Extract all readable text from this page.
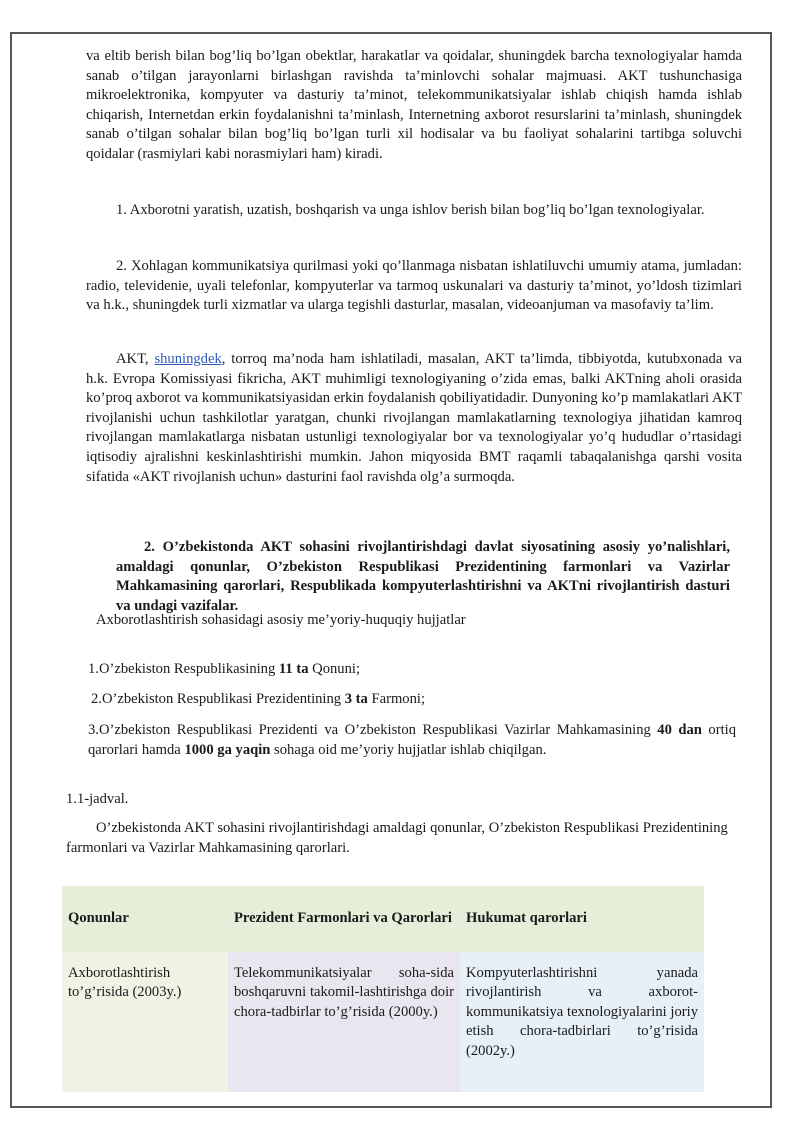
va eltib berish bilan bog’liq bo’lgan obektlar, harakatlar va qoidalar, shuningdek barcha texnologiyalar hamda sanab o’tilgan jarayonlarni birlashgan ravishda ta’minlovchi sohalar majmuasi. AKT tushunchasiga mikroelektronika, kompyuter va dasturiy ta’minot, telekommunikatsiyalar ishlab chiqish hamda ishlab chiqarish, Internetdan erkin foydalanishni ta’minlash, Internetning axborot resurslarini ta’minlash, shuningdek sanab o’tilgan sohalar bilan bog’liq bo’lgan turli xil hodisalar va bu faoliyat sohalarini tartibga soluvchi qoidalar (rasmiylari kabi norasmiylari ham) kiradi.

1. Axborotni yaratish, uzatish, boshqarish va unga ishlov berish bilan bog’liq bo’lgan texnologiyalar.

2. Xohlagan kommunikatsiya qurilmasi yoki qo’llanmaga nisbatan ishlatiluvchi umumiy atama, jumladan: radio, televidenie, uyali telefonlar, kompyuterlar va tarmoq uskunalari va dasturiy ta’minot, yo’ldosh tizimlari va h.k., shuningdek turli xizmatlar va ularga tegishli dasturlar, masalan, videoanjuman va masofaviy ta’lim.

AKT, shuningdek, torroq ma’noda ham ishlatiladi, masalan, AKT ta’limda, tibbiyotda, kutubxonada va h.k. Evropa Komissiyasi fikricha, AKT muhimligi texnologiyaning o’zida emas, balki AKTning aholi orasida ko’proq axborot va kommunikatsiyasidan erkin foydalanish qobiliyatidadir. Dunyoning ko’p mamlakatlari AKT rivojlanishi uchun tashkilotlar yaratgan, chunki rivojlangan mamlakatlarning texnologiya jihatidan kamroq rivojlangan mamlakatlarga nisbatan ustunligi texnologiyalar bor va texnologiyalar yo’q hududlar o’rtasidagi iqtisodiy ajralishni keskinlashtirishi mumkin. Jahon miqyosida BMT raqamli tabaqalanishga qarshi vosita sifatida «AKT rivojlanish uchun» dasturini faol ravishda olg’a surmoqda.

2. O’zbekistonda AKT sohasini rivojlantirishdagi davlat siyosatining asosiy yo’nalishlari, amaldagi qonunlar, O’zbekiston Respublikasi Prezidentining farmonlari va Vazirlar Mahkamasining qarorlari, Respublikada kompyuterlashtirishni va AKTni rivojlantirish dasturi va undagi vazifalar.

Axborotlashtirish sohasidagi asosiy me’yoriy-huquqiy hujjatlar

1.O’zbekiston Respublikasining 11 ta Qonuni;

2.O’zbekiston Respublikasi Prezidentining 3 ta Farmoni;

3.O’zbekiston Respublikasi Prezidenti va O’zbekiston Respublikasi Vazirlar Mahkamasining 40 dan ortiq qarorlari hamda 1000 ga yaqin sohaga oid me’yoriy hujjatlar ishlab chiqilgan.

1.1-jadval.

O’zbekistonda AKT sohasini rivojlantirishdagi amaldagi qonunlar, O’zbekiston Respublikasi Prezidentining farmonlari va Vazirlar Mahkamasining qarorlari.

Qonunlar	Prezident Farmonlari va Qarorlari	Hukumat qarorlari
Axborotlashtirish to’g’risida (2003y.)	Telekommunikatsiyalar soha-sida boshqaruvni takomil-lashtirishga doir chora-tadbirlar to’g’risida (2000y.)	Kompyuterlashtirishni yanada rivojlantirish va axborot-kommunikatsiya texnologiyalarini joriy etish chora-tadbirlari to’g’risida (2002y.)
